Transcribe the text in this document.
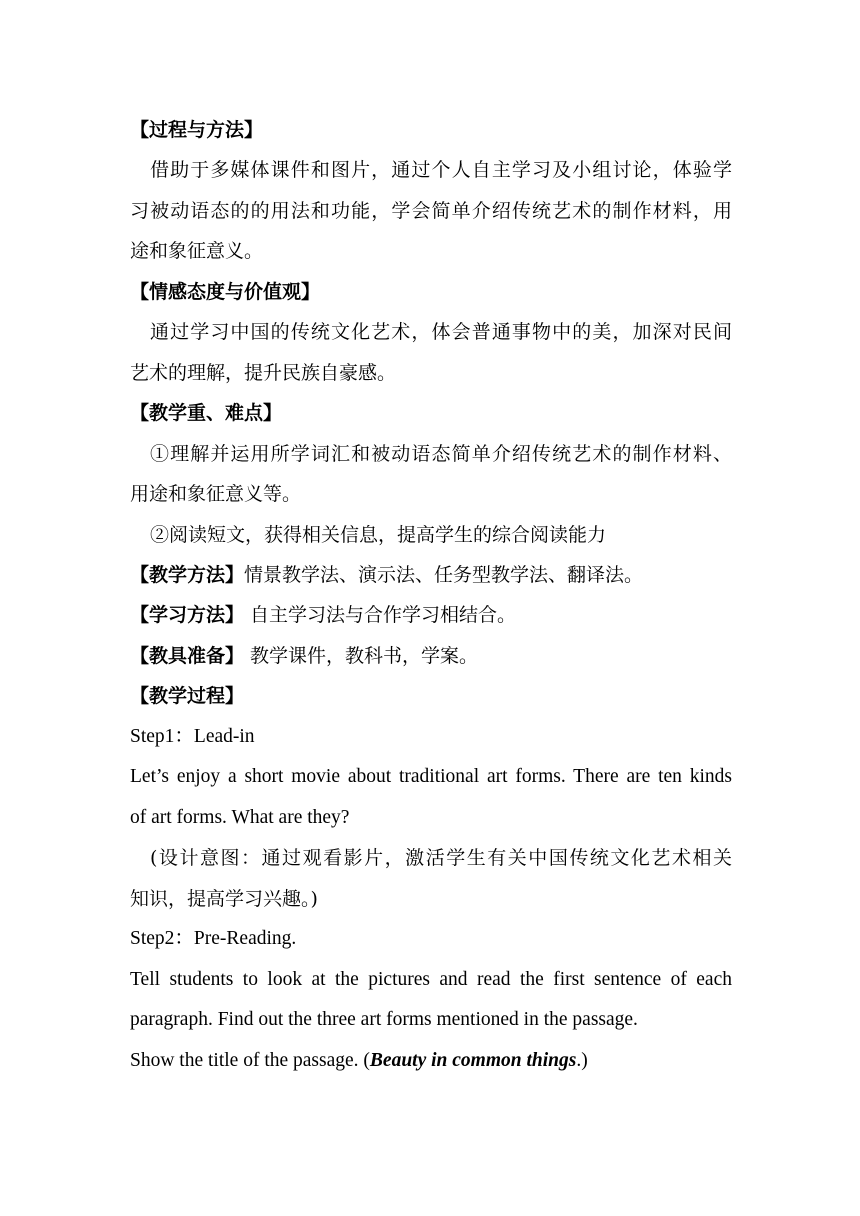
【过程与方法】
借助于多媒体课件和图片，通过个人自主学习及小组讨论，体验学
习被动语态的的用法和功能，学会简单介绍传统艺术的制作材料，用
途和象征意义。
【情感态度与价值观】
通过学习中国的传统文化艺术，体会普通事物中的美，加深对民间
艺术的理解，提升民族自豪感。
【教学重、难点】
①理解并运用所学词汇和被动语态简单介绍传统艺术的制作材料、
用途和象征意义等。
②阅读短文，获得相关信息，提高学生的综合阅读能力
【教学方法】情景教学法、演示法、任务型教学法、翻译法。
【学习方法】 自主学习法与合作学习相结合。
【教具准备】 教学课件，教科书，学案。
【教学过程】
Step1：Lead-in
Let’s enjoy a short movie about traditional art forms. There are ten kinds
of art forms. What are they?
(设计意图：通过观看影片，激活学生有关中国传统文化艺术相关
知识，提高学习兴趣。)
Step2：Pre-Reading.
Tell students to look at the pictures and read the first sentence of each
paragraph. Find out the three art forms mentioned in the passage.
Show the title of the passage. (Beauty in common things.)
